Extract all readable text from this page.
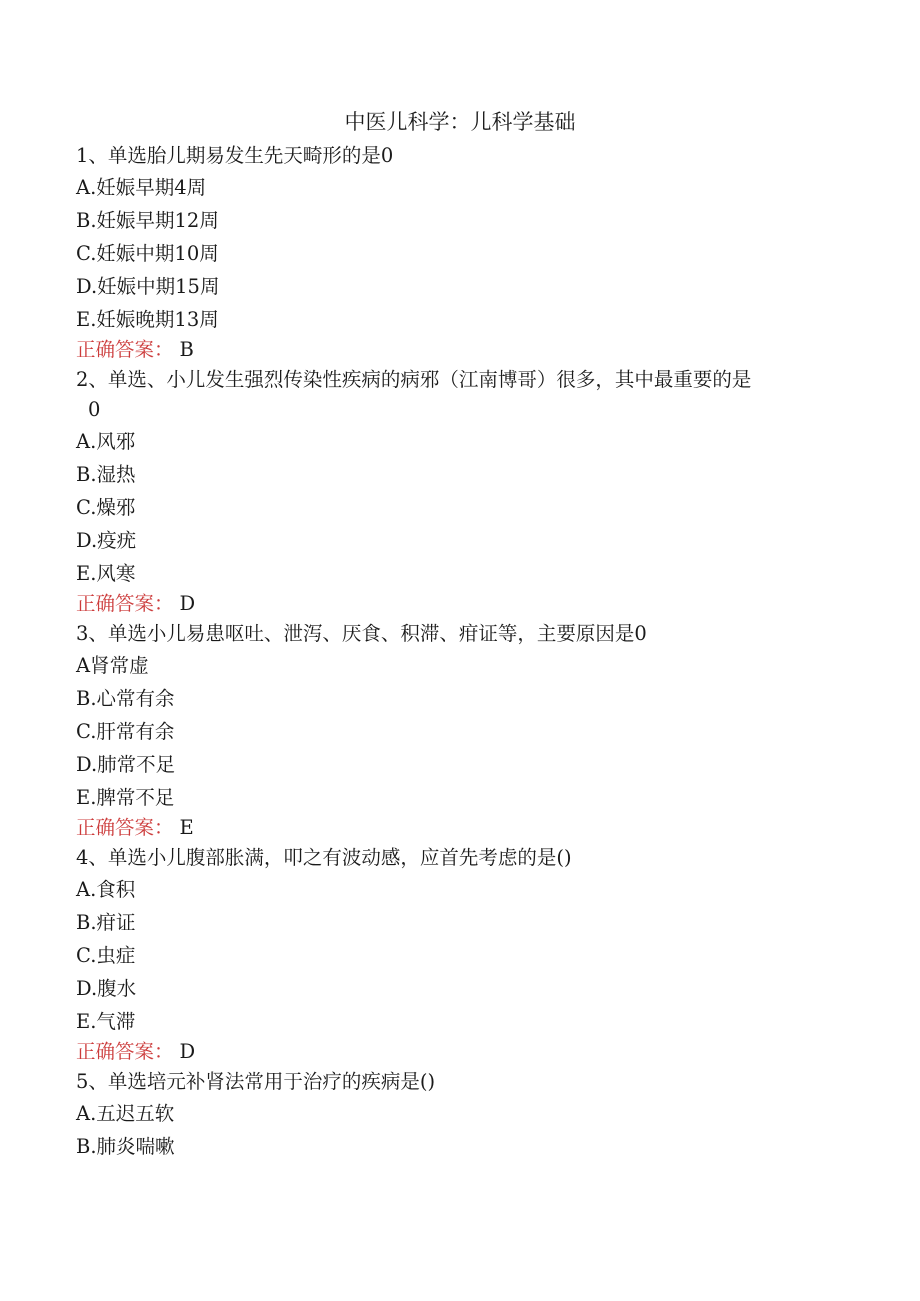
中医儿科学：儿科学基础

1、单选胎儿期易发生先天畸形的是0

A.妊娠早期4周

B.妊娠早期12周

C.妊娠中期10周

D.妊娠中期15周

E.妊娠晚期13周

正确答案： B

2、单选、小儿发生强烈传染性疾病的病邪（江南博哥）很多，其中最重要的是

0

A.风邪

B.湿热

C.燥邪

D.疫疣

E.风寒

正确答案： D

3、单选小儿易患呕吐、泄泻、厌食、积滞、疳证等，主要原因是0

A肾常虚

B.心常有余

C.肝常有余

D.肺常不足

E.脾常不足

正确答案： E

4、单选小儿腹部胀满，叩之有波动感，应首先考虑的是()

A.食积

B.疳证

C.虫症

D.腹水

E.气滞

正确答案： D

5、单选培元补肾法常用于治疗的疾病是()

A.五迟五软

B.肺炎喘嗽
